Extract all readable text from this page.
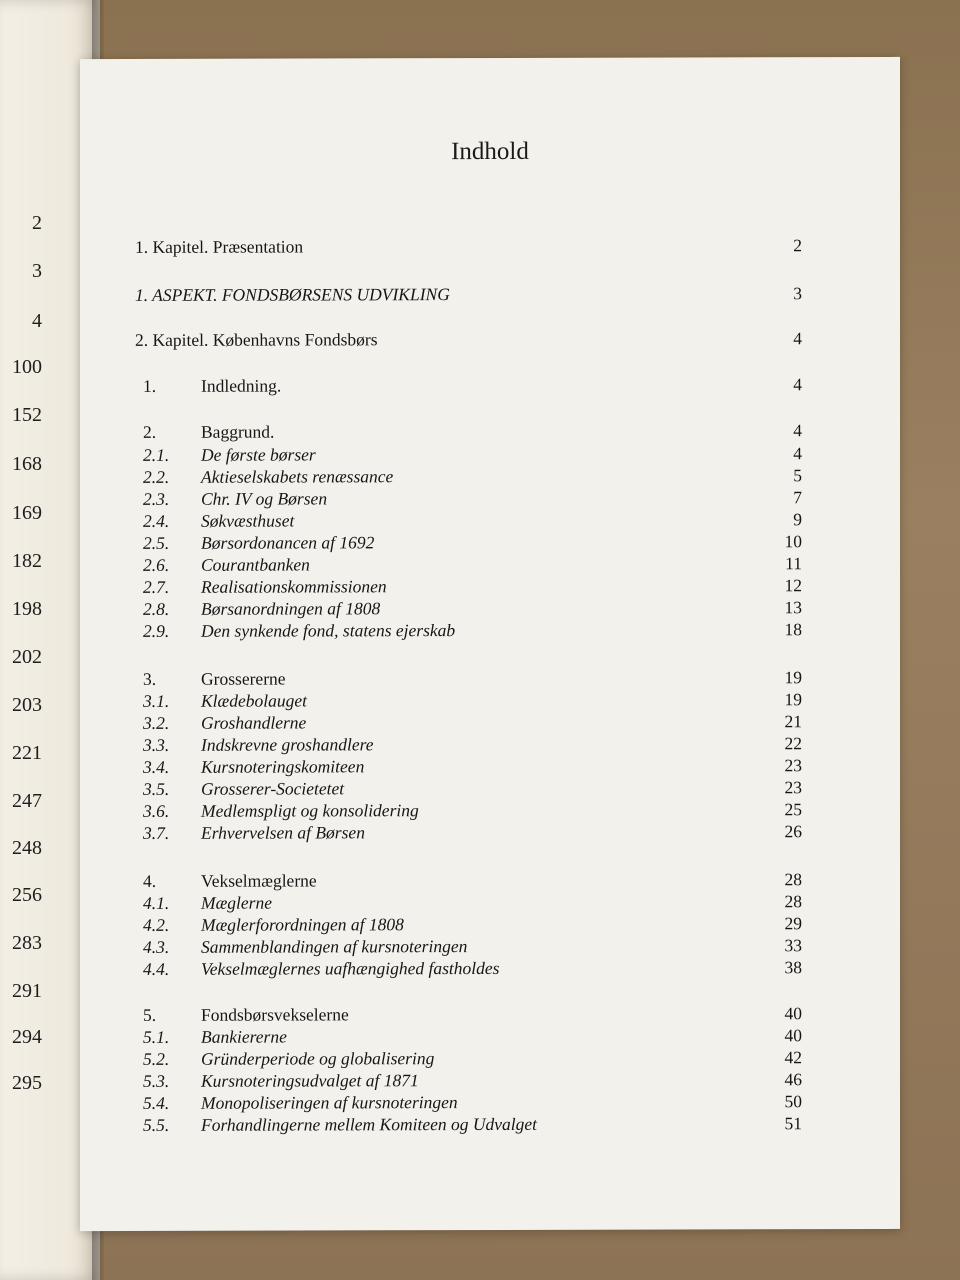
2
3
4
100
152
168
169
182
198
202
203
221
247
248
256
283
291
294
295
Indhold
1. Kapitel. Præsentation	2
1. ASPEKT. FONDSBØRSENS UDVIKLING	3
2. Kapitel. Københavns Fondsbørs	4
1.	Indledning.	4
2.	Baggrund.	4
2.1. De første børser	4
2.2. Aktieselskabets renæssance	5
2.3. Chr. IV og Børsen	7
2.4. Søkvæsthuset	9
2.5. Børsordonancen af 1692	10
2.6. Courantbanken	11
2.7. Realisationskommissionen	12
2.8. Børsanordningen af 1808	13
2.9. Den synkende fond, statens ejerskab	18
3.	Grossererne	19
3.1. Klædebolauget	19
3.2. Groshandlerne	21
3.3. Indskrevne groshandlere	22
3.4. Kursnoteringskomiteen	23
3.5. Grosserer-Societetet	23
3.6. Medlemspligt og konsolidering	25
3.7. Erhvervelsen af Børsen	26
4.	Vekselmæglerne	28
4.1. Mæglerne	28
4.2. Mæglerforordningen af 1808	29
4.3. Sammenblandingen af kursnoteringen	33
4.4. Vekselmæglernes uafhængighed fastholdes	38
5.	Fondsbørsvekselerne	40
5.1. Bankiererne	40
5.2. Gründerperiode og globalisering	42
5.3. Kursnoteringsudvalget af 1871	46
5.4. Monopoliseringen af kursnoteringen	50
5.5. Forhandlingerne mellem Komiteen og Udvalget	51
